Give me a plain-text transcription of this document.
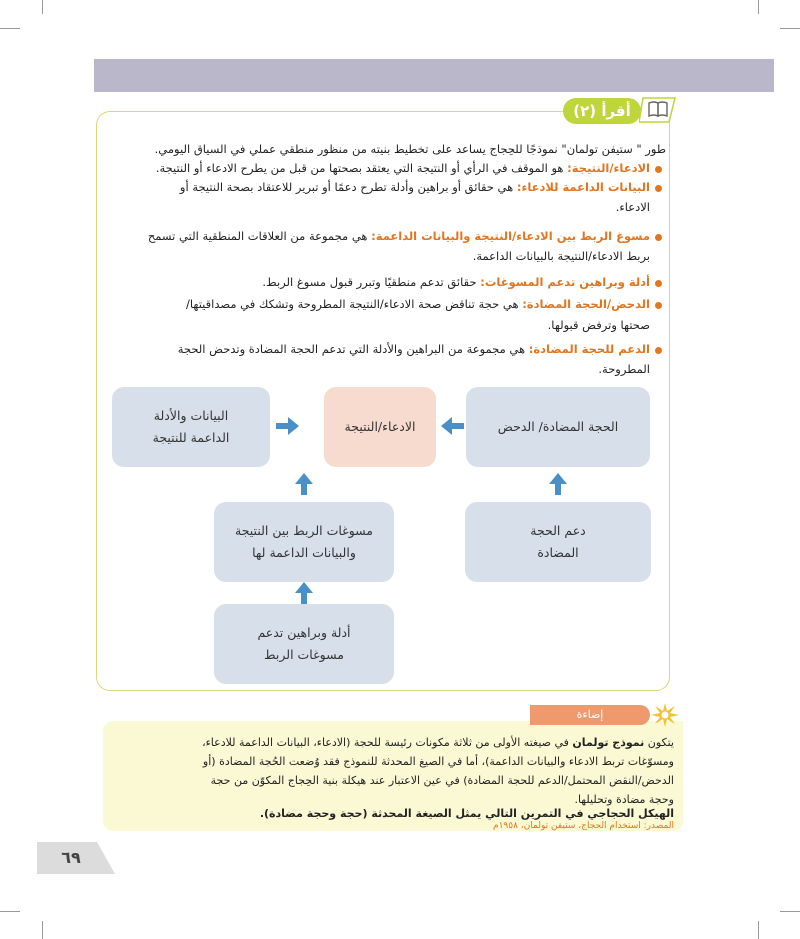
أقرأ (٢)
طور " ستيفن تولمان" نموذجًا للحِجاج يساعد على تخطيط بنيته من منظور منطقي عملي في السياق اليومي.
الادعاء/النتيجة: هو الموقف في الرأي أو النتيجة التي يعتقد بصحتها من قبل من يطرح الادعاء أو النتيجة.
البيانات الداعمة للادعاء: هي حقائق أو براهين وأدلة تطرح دعمًا أو تبرير للاعتقاد بصحة النتيجة أو
الادعاء.
مسوغ الربط بين الادعاء/النتيجة والبيانات الداعمة: هي مجموعة من العلاقات المنطقية التي تسمح
بربط الادعاء/النتيجة بالبيانات الداعمة.
أدلة وبراهين تدعم المسوغات: حقائق تدعم منطقيًا وتبرر قبول مسوغ الربط.
الدحض/الحجة المضادة: هي حجة تناقض صحة الادعاء/النتيجة المطروحة وتشكك في مصداقيتها/
صحتها وترفض قبولها.
الدعم للحجة المضادة: هي مجموعة من البراهين والأدلة التي تدعم الحجة المضادة وتدحض الحجة
المطروحة.
البيانات والأدلة
الداعمة للنتيجة
الادعاء/النتيجة	الحجة المضادة/ الدحض
مسوغات الربط بين النتيجة
والبيانات الداعمة لها
دعم الحجة
المضادة
أدلة وبراهين تدعم
مسوغات الربط
إضاءة
يتكون نموذج تولمان في صيغته الأولى من ثلاثة مكونات رئيسة للحجة (الادعاء، البيانات الداعمة للادعاء،
ومسوّغات تربط الادعاء والبيانات الداعمة)، أما في الصيغ المحدثة للنموذج فقد وُضعت الحُجة المضادة (أو
الدحض/النقض المحتمل/الدعم للحجة المضادة) في عين الاعتبار عند هيكلة بنية الحِجاج المكوّن من حجة
وحجة مضادة وتحليلها.
الهيكل الحجاجي في التمرين التالي يمثل الصيغة المحدثة (حجة وحجة مضادة).
المصدر: استخدام الحجاج، ستيفن تولمان، ١٩٥٨م
٦٩
